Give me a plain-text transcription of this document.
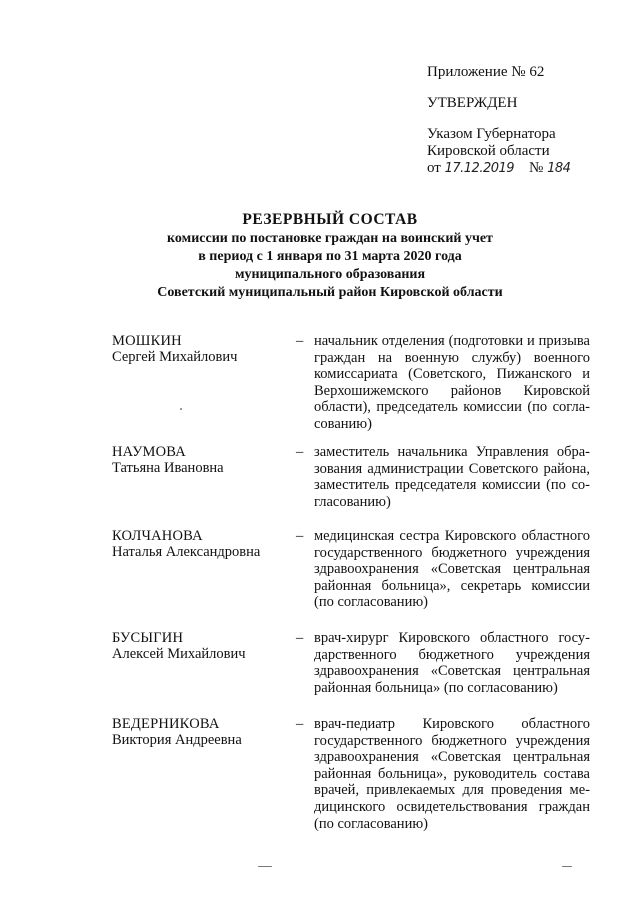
Приложение № 62
УТВЕРЖДЕН
Указом Губернатора
Кировской области
от 17.12.2019 № 184
РЕЗЕРВНЫЙ СОСТАВ
комиссии по постановке граждан на воинский учет
в период с 1 января по 31 марта 2020 года
муниципального образования
Советский муниципальный район Кировской области
МОШКИН
Сергей Михайлович
– начальник отделения (подготовки и призыва граждан на военную службу) военного комиссариата (Советского, Пижанского и Верхошижемского районов Кировской области), председатель комиссии (по согласованию)
НАУМОВА
Татьяна Ивановна
– заместитель начальника Управления образования администрации Советского района, заместитель председателя комиссии (по согласованию)
КОЛЧАНОВА
Наталья Александровна
– медицинская сестра Кировского областного государственного бюджетного учреждения здравоохранения «Советская центральная районная больница», секретарь комиссии (по согласованию)
БУСЫГИН
Алексей Михайлович
– врач-хирург Кировского областного государственного бюджетного учреждения здравоохранения «Советская центральная районная больница» (по согласованию)
ВЕДЕРНИКОВА
Виктория Андреевна
– врач-педиатр Кировского областного государственного бюджетного учреждения здравоохранения «Советская центральная районная больница», руководитель состава врачей, привлекаемых для проведения медицинского освидетельствования граждан (по согласованию)
